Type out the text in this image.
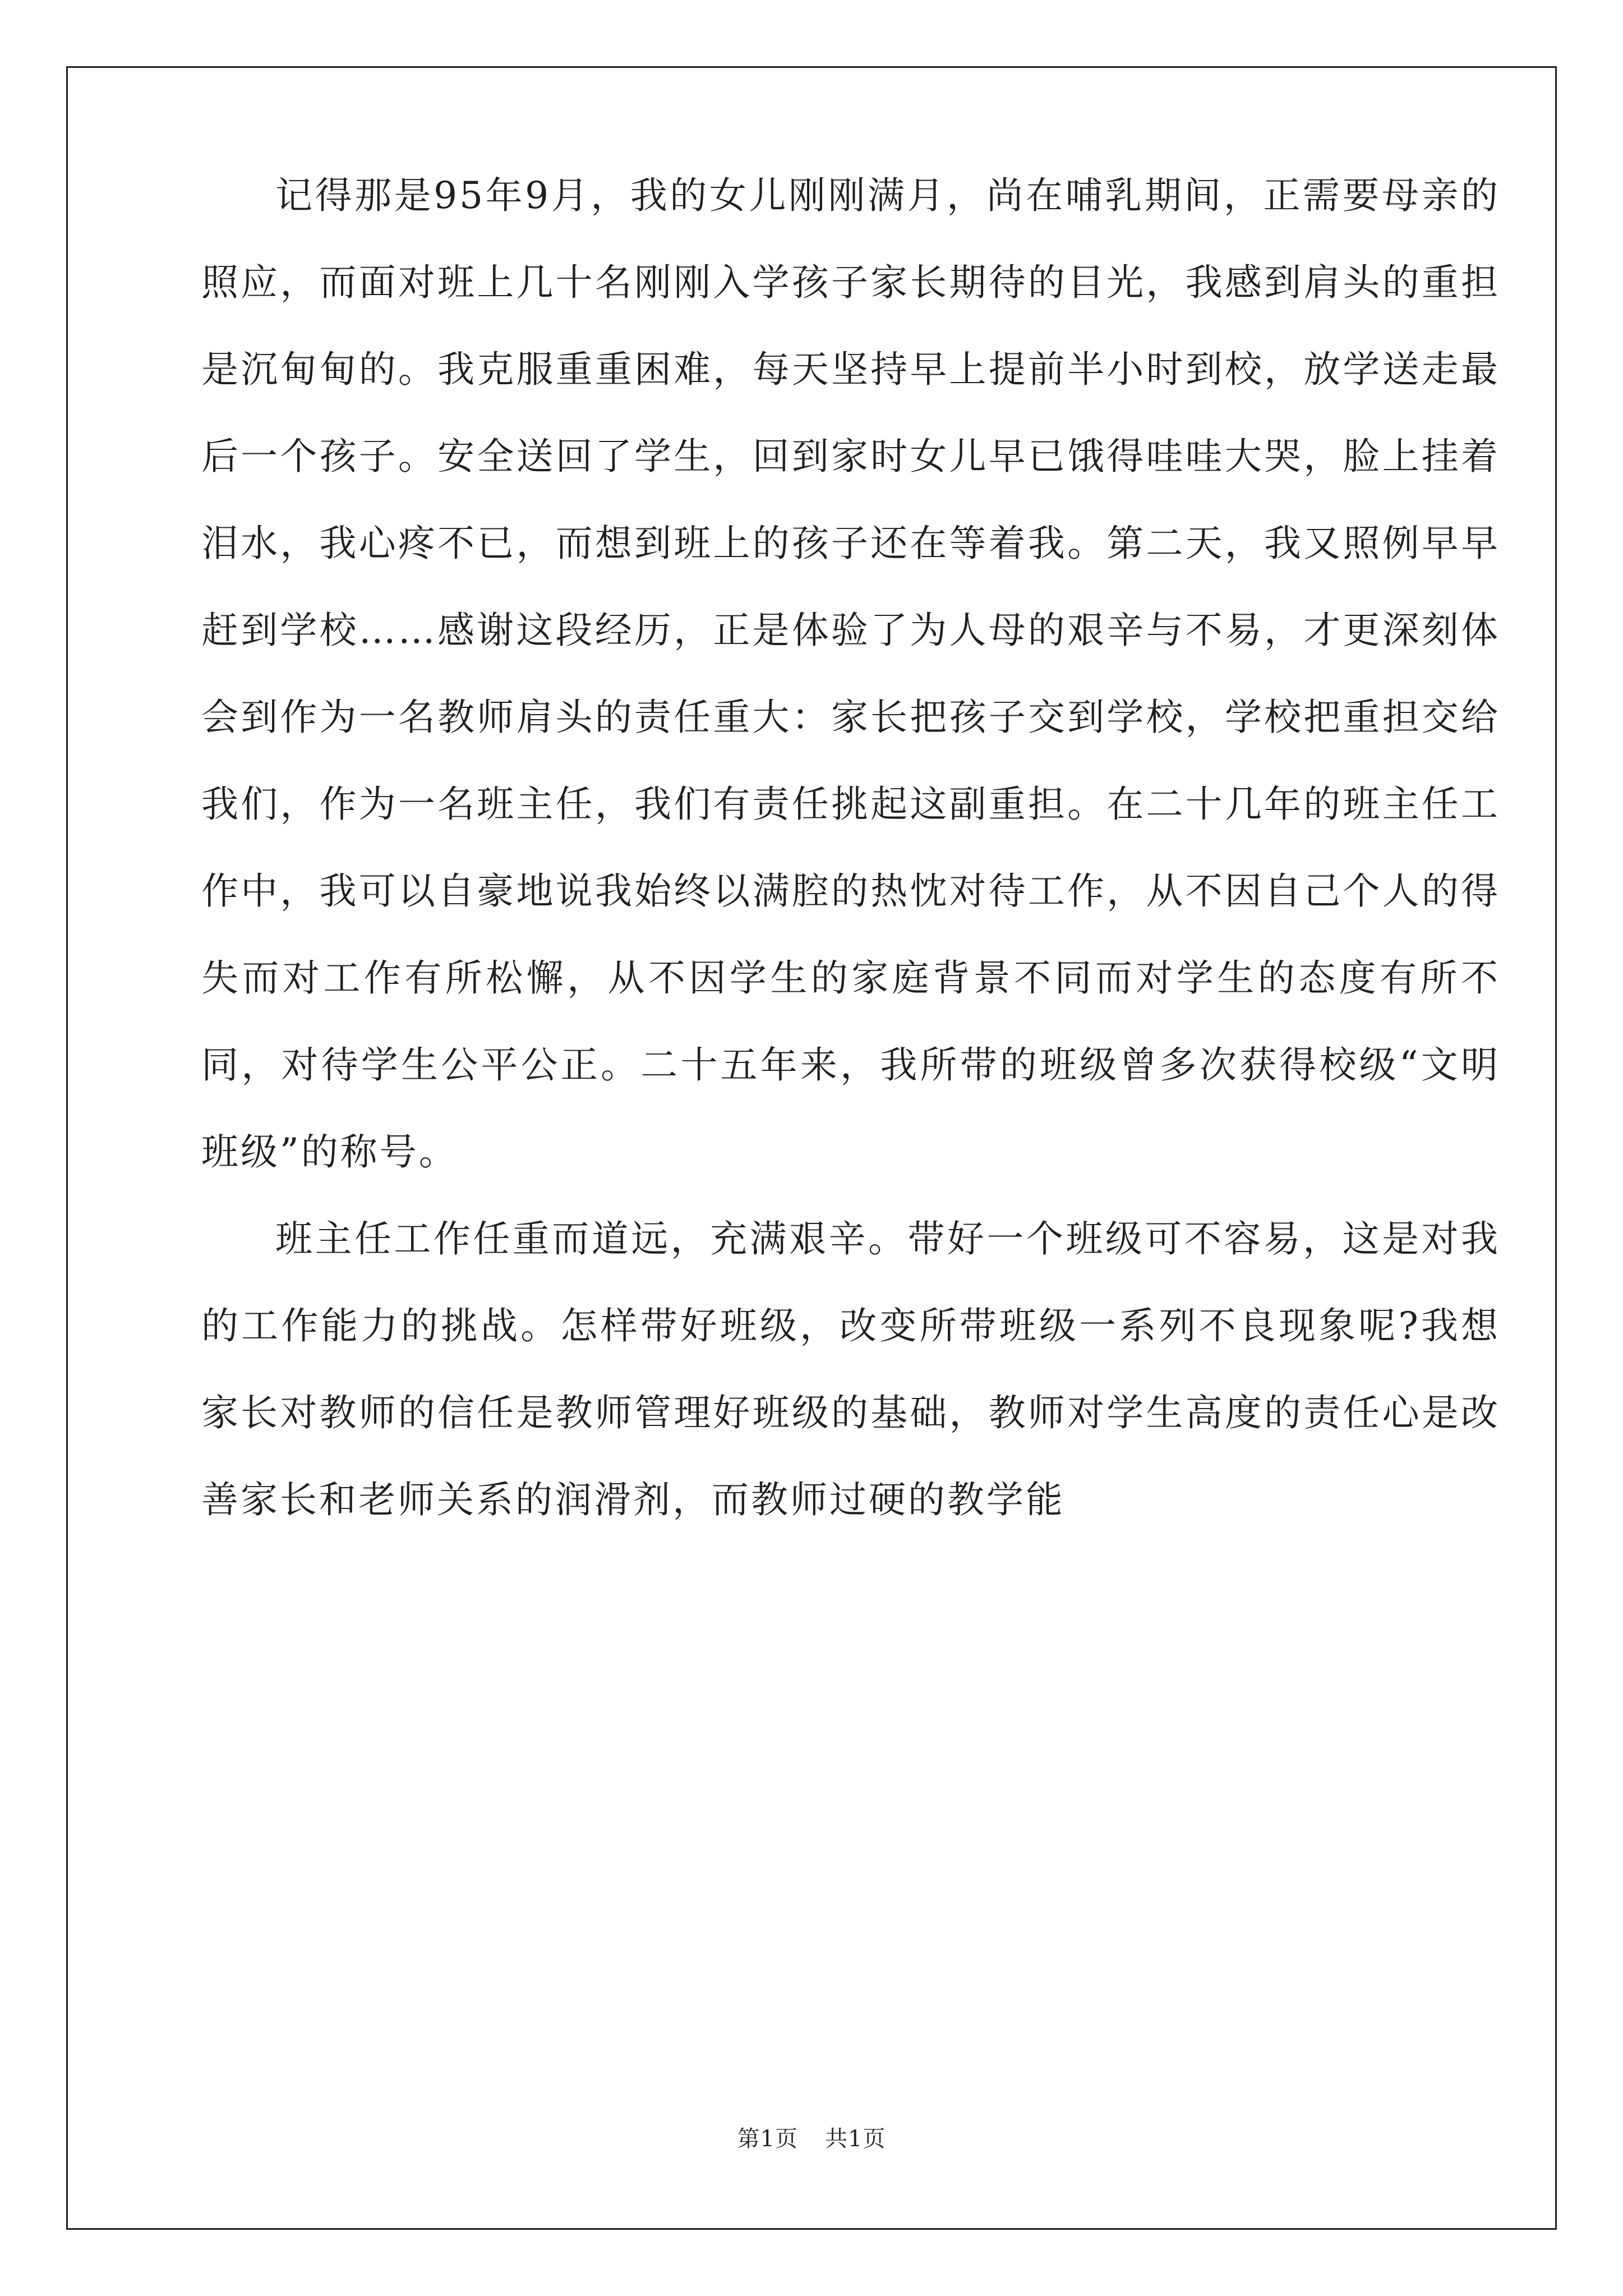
记得那是95年9月，我的女儿刚刚满月，尚在哺乳期间，正需要母亲的照应，而面对班上几十名刚刚入学孩子家长期待的目光，我感到肩头的重担是沉甸甸的。我克服重重困难，每天坚持早上提前半小时到校，放学送走最后一个孩子。安全送回了学生，回到家时女儿早已饿得哇哇大哭，脸上挂着泪水，我心疼不已，而想到班上的孩子还在等着我。第二天，我又照例早早赶到学校……感谢这段经历，正是体验了为人母的艰辛与不易，才更深刻体会到作为一名教师肩头的责任重大：家长把孩子交到学校，学校把重担交给我们，作为一名班主任，我们有责任挑起这副重担。在二十几年的班主任工作中，我可以自豪地说我始终以满腔的热忱对待工作，从不因自己个人的得失而对工作有所松懈，从不因学生的家庭背景不同而对学生的态度有所不同，对待学生公平公正。二十五年来，我所带的班级曾多次获得校级“文明班级”的称号。

班主任工作任重而道远，充满艰辛。带好一个班级可不容易，这是对我的工作能力的挑战。怎样带好班级，改变所带班级一系列不良现象呢?我想家长对教师的信任是教师管理好班级的基础，教师对学生高度的责任心是改善家长和老师关系的润滑剂，而教师过硬的教学能

第1页 共1页
